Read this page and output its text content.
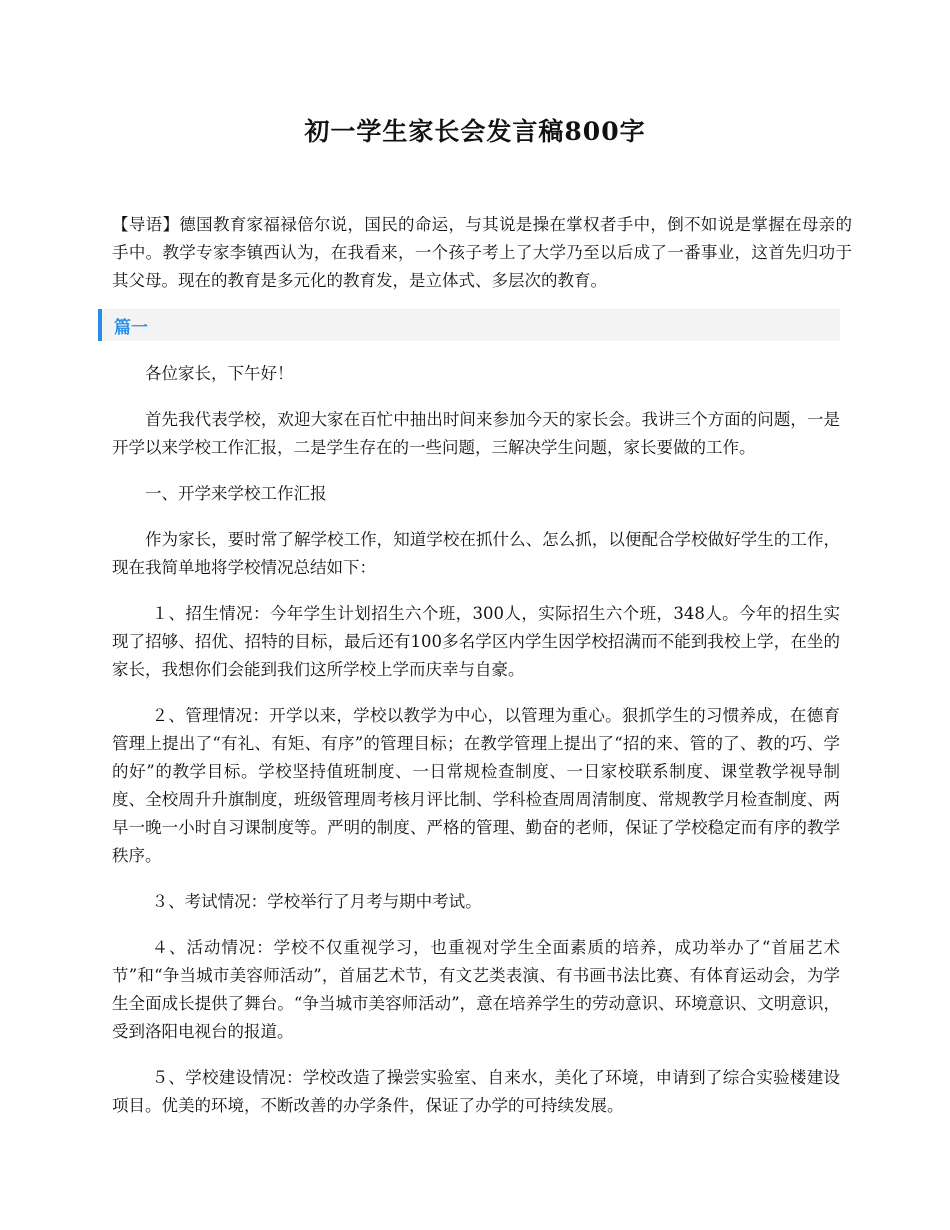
初一学生家长会发言稿800字

【导语】德国教育家福禄倍尔说，国民的命运，与其说是操在掌权者手中，倒不如说是掌握在母亲的手中。教学专家李镇西认为，在我看来，一个孩子考上了大学乃至以后成了一番事业，这首先归功于其父母。现在的教育是多元化的教育发，是立体式、多层次的教育。

篇一

各位家长，下午好！

首先我代表学校，欢迎大家在百忙中抽出时间来参加今天的家长会。我讲三个方面的问题，一是开学以来学校工作汇报，二是学生存在的一些问题，三解决学生问题，家长要做的工作。

一、开学来学校工作汇报

作为家长，要时常了解学校工作，知道学校在抓什么、怎么抓，以便配合学校做好学生的工作，现在我简单地将学校情况总结如下：

１、招生情况：今年学生计划招生六个班，300人，实际招生六个班，348人。今年的招生实现了招够、招优、招特的目标，最后还有100多名学区内学生因学校招满而不能到我校上学，在坐的家长，我想你们会能到我们这所学校上学而庆幸与自豪。

２、管理情况：开学以来，学校以教学为中心，以管理为重心。狠抓学生的习惯养成，在德育管理上提出了“有礼、有矩、有序”的管理目标；在教学管理上提出了“招的来、管的了、教的巧、学的好”的教学目标。学校坚持值班制度、一日常规检查制度、一日家校联系制度、课堂教学视导制度、全校周升升旗制度，班级管理周考核月评比制、学科检查周周清制度、常规教学月检查制度、两早一晚一小时自习课制度等。严明的制度、严格的管理、勤奋的老师，保证了学校稳定而有序的教学秩序。

３、考试情况：学校举行了月考与期中考试。

４、活动情况：学校不仅重视学习，也重视对学生全面素质的培养，成功举办了“首届艺术节”和“争当城市美容师活动”，首届艺术节，有文艺类表演、有书画书法比赛、有体育运动会，为学生全面成长提供了舞台。“争当城市美容师活动”，意在培养学生的劳动意识、环境意识、文明意识，受到洛阳电视台的报道。

５、学校建设情况：学校改造了操尝实验室、自来水，美化了环境，申请到了综合实验楼建设项目。优美的环境，不断改善的办学条件，保证了办学的可持续发展。
